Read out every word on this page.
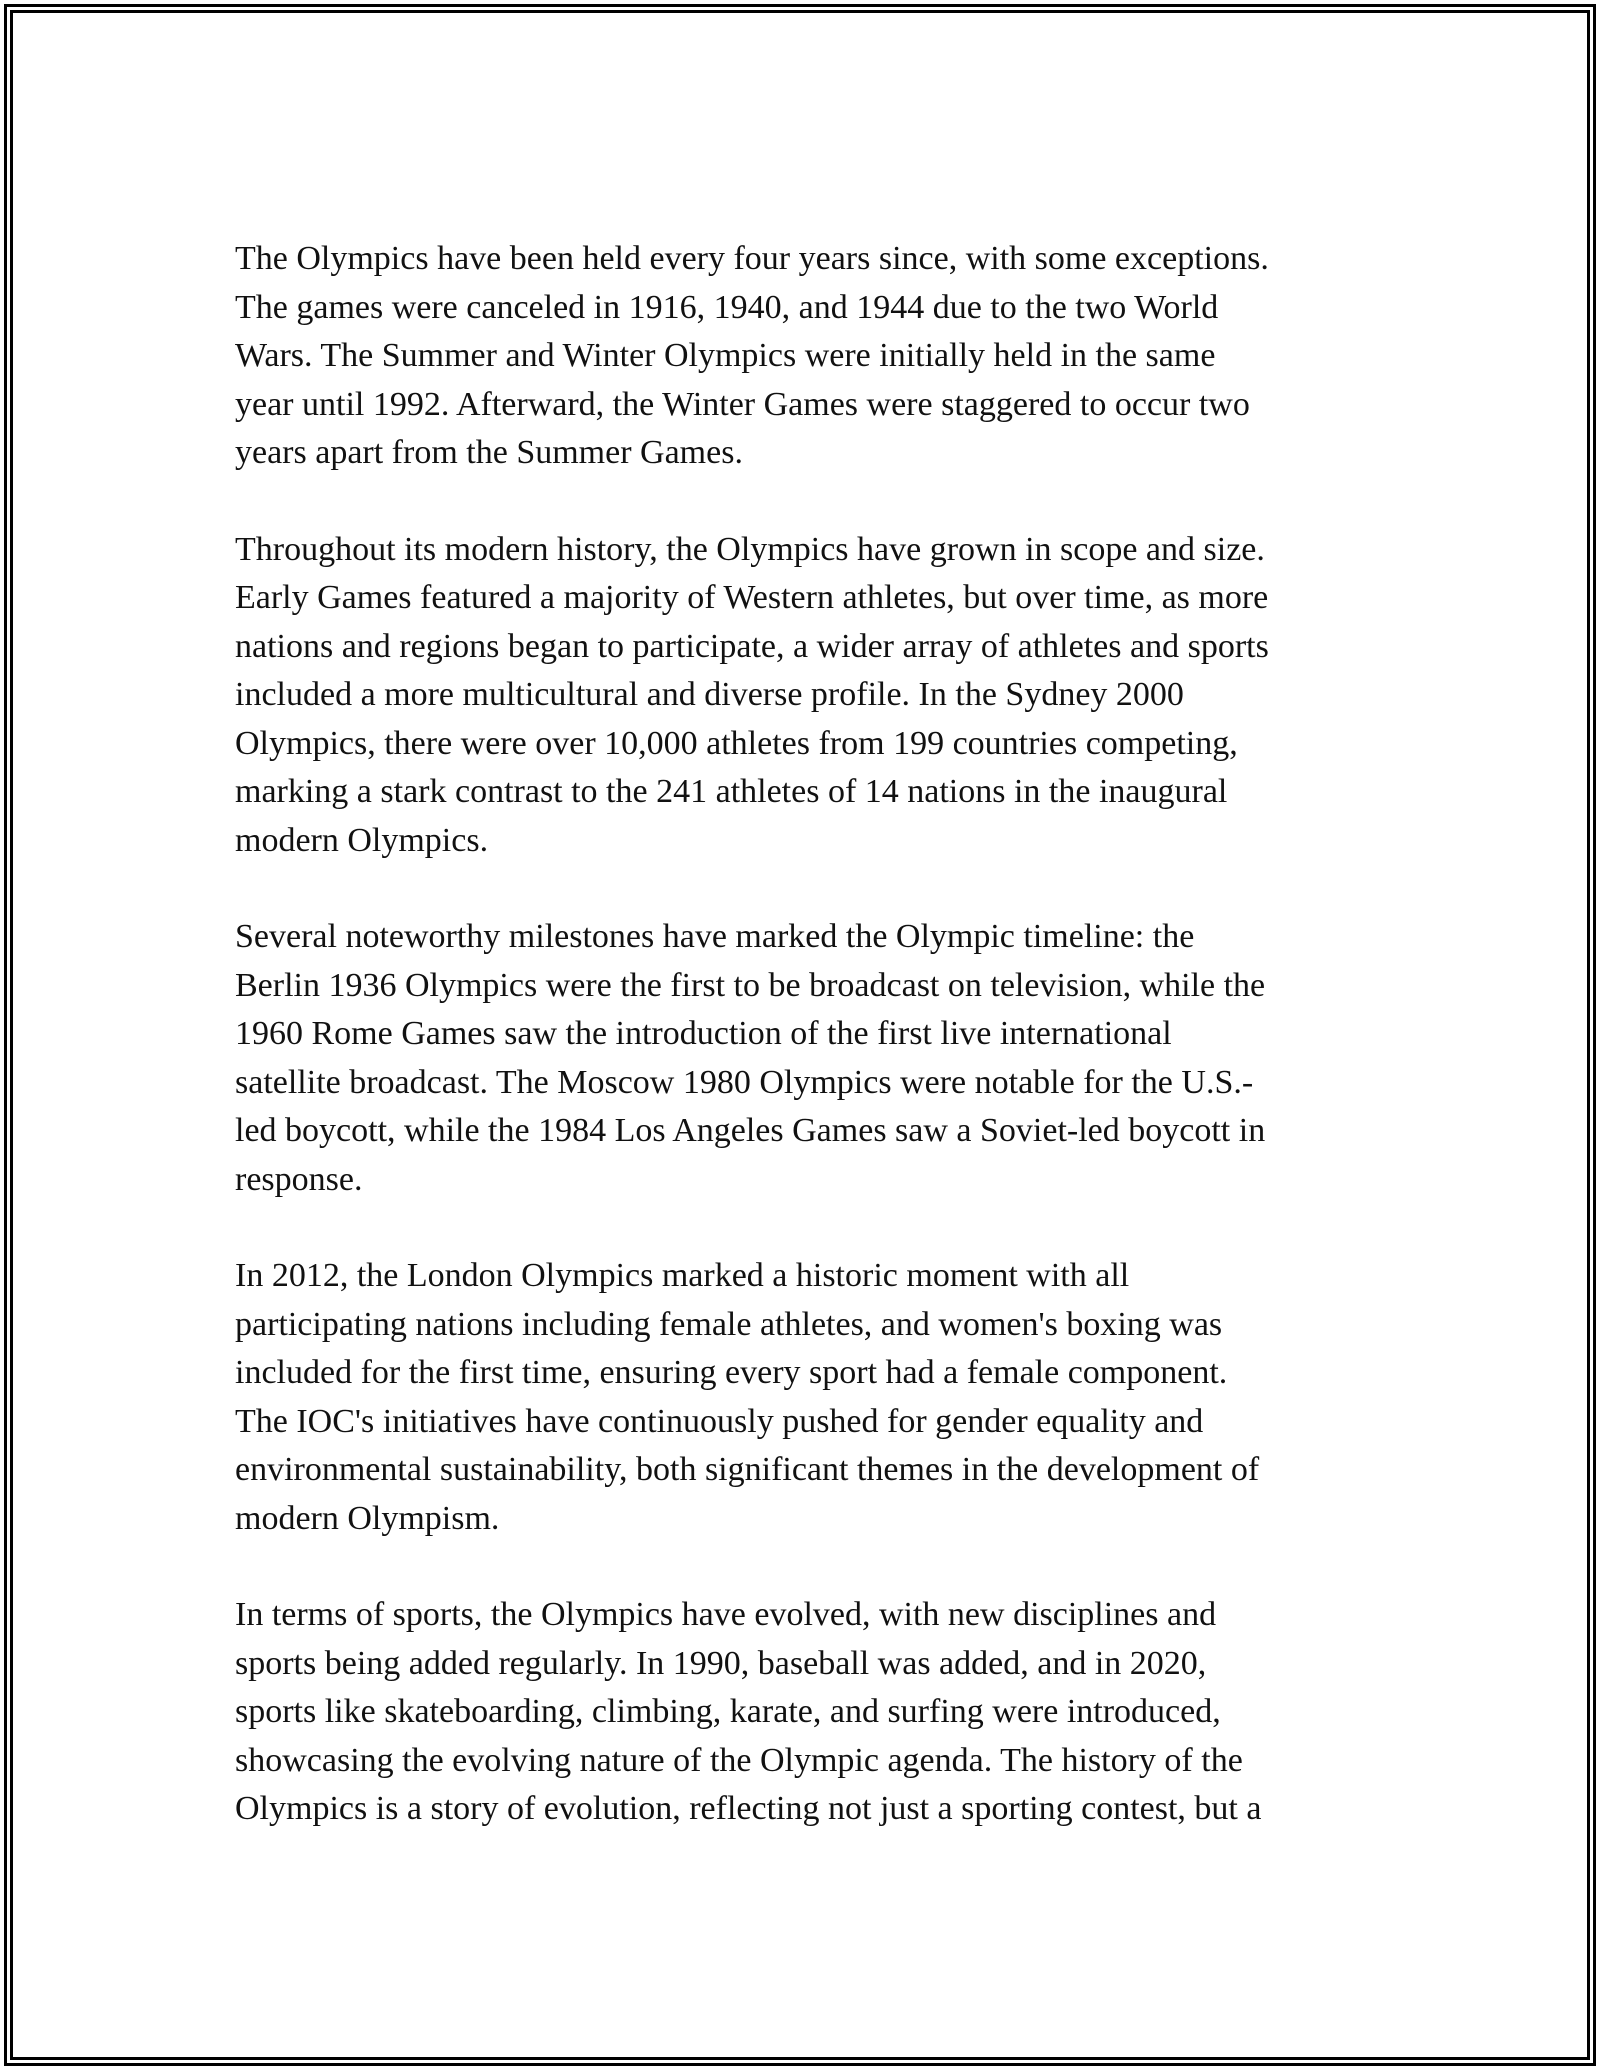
The Olympics have been held every four years since, with some exceptions.
The games were canceled in 1916, 1940, and 1944 due to the two World
Wars. The Summer and Winter Olympics were initially held in the same
year until 1992. Afterward, the Winter Games were staggered to occur two
years apart from the Summer Games.

Throughout its modern history, the Olympics have grown in scope and size.
Early Games featured a majority of Western athletes, but over time, as more
nations and regions began to participate, a wider array of athletes and sports
included a more multicultural and diverse profile. In the Sydney 2000
Olympics, there were over 10,000 athletes from 199 countries competing,
marking a stark contrast to the 241 athletes of 14 nations in the inaugural
modern Olympics.

Several noteworthy milestones have marked the Olympic timeline: the
Berlin 1936 Olympics were the first to be broadcast on television, while the
1960 Rome Games saw the introduction of the first live international
satellite broadcast. The Moscow 1980 Olympics were notable for the U.S.-
led boycott, while the 1984 Los Angeles Games saw a Soviet-led boycott in
response.

In 2012, the London Olympics marked a historic moment with all
participating nations including female athletes, and women's boxing was
included for the first time, ensuring every sport had a female component.
The IOC's initiatives have continuously pushed for gender equality and
environmental sustainability, both significant themes in the development of
modern Olympism.

In terms of sports, the Olympics have evolved, with new disciplines and
sports being added regularly. In 1990, baseball was added, and in 2020,
sports like skateboarding, climbing, karate, and surfing were introduced,
showcasing the evolving nature of the Olympic agenda. The history of the
Olympics is a story of evolution, reflecting not just a sporting contest, but a
